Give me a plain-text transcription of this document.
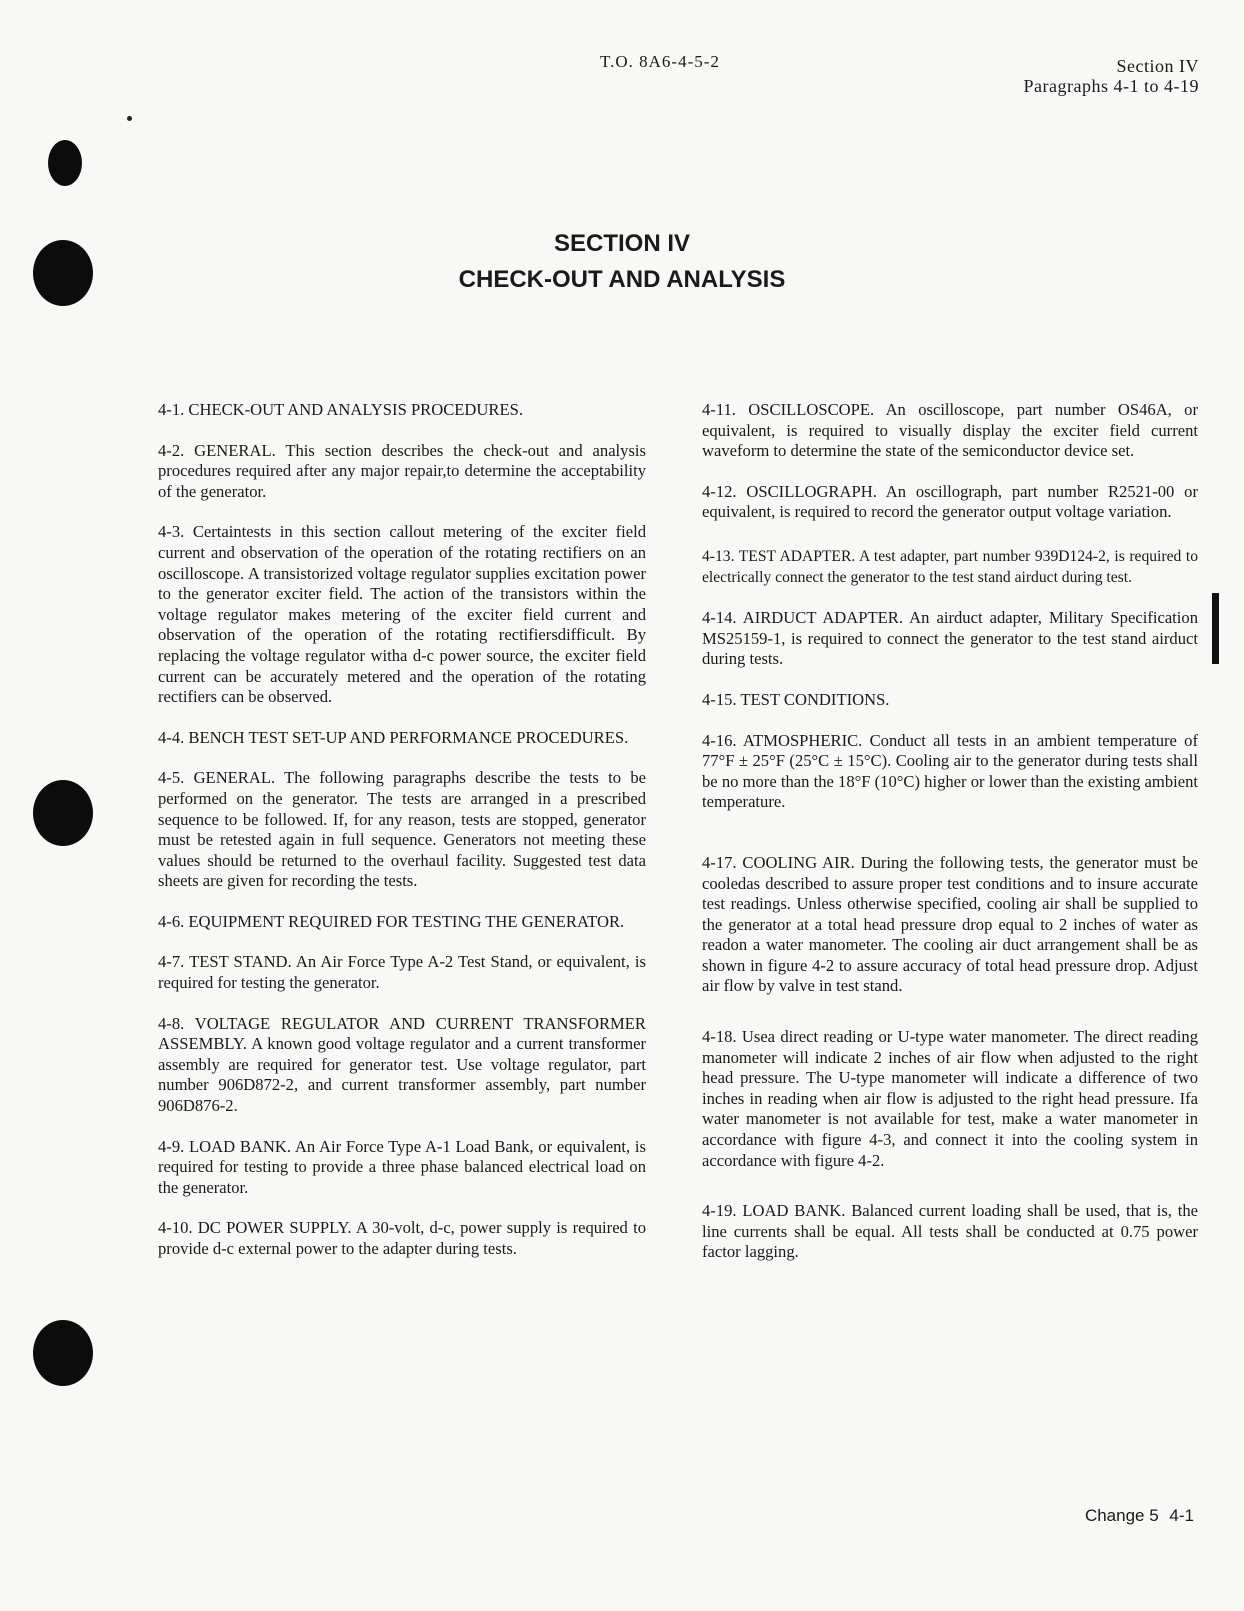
T.O. 8A6-4-5-2	Section IV
Paragraphs 4-1 to 4-19
SECTION IV
CHECK-OUT AND ANALYSIS

4-1. CHECK-OUT AND ANALYSIS PROCEDURES.

4-2. GENERAL. This section describes the check-out and analysis procedures required after any major repair,to determine the acceptability of the generator.

4-3. Certaintests in this section callout metering of the exciter field current and observation of the operation of the rotating rectifiers on an oscilloscope. A transistorized voltage regulator supplies excitation power to the generator exciter field. The action of the transistors within the voltage regulator makes metering of the exciter field current and observation of the operation of the rotating rectifiersdifficult. By replacing the voltage regulator witha d-c power source, the exciter field current can be accurately metered and the operation of the rotating rectifiers can be observed.

4-4. BENCH TEST SET-UP AND PERFORMANCE PROCEDURES.

4-5. GENERAL. The following paragraphs describe the tests to be performed on the generator. The tests are arranged in a prescribed sequence to be followed. If, for any reason, tests are stopped, generator must be retested again in full sequence. Generators not meeting these values should be returned to the overhaul facility. Suggested test data sheets are given for recording the tests.

4-6. EQUIPMENT REQUIRED FOR TESTING THE GENERATOR.

4-7. TEST STAND. An Air Force Type A-2 Test Stand, or equivalent, is required for testing the generator.

4-8. VOLTAGE REGULATOR AND CURRENT TRANSFORMER ASSEMBLY. A known good voltage regulator and a current transformer assembly are required for generator test. Use voltage regulator, part number 906D872-2, and current transformer assembly, part number 906D876-2.

4-9. LOAD BANK. An Air Force Type A-1 Load Bank, or equivalent, is required for testing to provide a three phase balanced electrical load on the generator.

4-10. DC POWER SUPPLY. A 30-volt, d-c, power supply is required to provide d-c external power to the adapter during tests.

4-11. OSCILLOSCOPE. An oscilloscope, part number OS46A, or equivalent, is required to visually display the exciter field current waveform to determine the state of the semiconductor device set.

4-12. OSCILLOGRAPH. An oscillograph, part number R2521-00 or equivalent, is required to record the generator output voltage variation.

4-13. TEST ADAPTER. A test adapter, part number 939D124-2, is required to electrically connect the generator to the test stand airduct during test.

4-14. AIRDUCT ADAPTER. An airduct adapter, Military Specification MS25159-1, is required to connect the generator to the test stand airduct during tests.

4-15. TEST CONDITIONS.

4-16. ATMOSPHERIC. Conduct all tests in an ambient temperature of 77°F ± 25°F (25°C ± 15°C). Cooling air to the generator during tests shall be no more than the 18°F (10°C) higher or lower than the existing ambient temperature.

4-17. COOLING AIR. During the following tests, the generator must be cooledas described to assure proper test conditions and to insure accurate test readings. Unless otherwise specified, cooling air shall be supplied to the generator at a total head pressure drop equal to 2 inches of water as readon a water manometer. The cooling air duct arrangement shall be as shown in figure 4-2 to assure accuracy of total head pressure drop. Adjust air flow by valve in test stand.

4-18. Usea direct reading or U-type water manometer. The direct reading manometer will indicate 2 inches of air flow when adjusted to the right head pressure. The U-type manometer will indicate a difference of two inches in reading when air flow is adjusted to the right head pressure. Ifa water manometer is not available for test, make a water manometer in accordance with figure 4-3, and connect it into the cooling system in accordance with figure 4-2.

4-19. LOAD BANK. Balanced current loading shall be used, that is, the line currents shall be equal. All tests shall be conducted at 0.75 power factor lagging.

Change 5 4-1
